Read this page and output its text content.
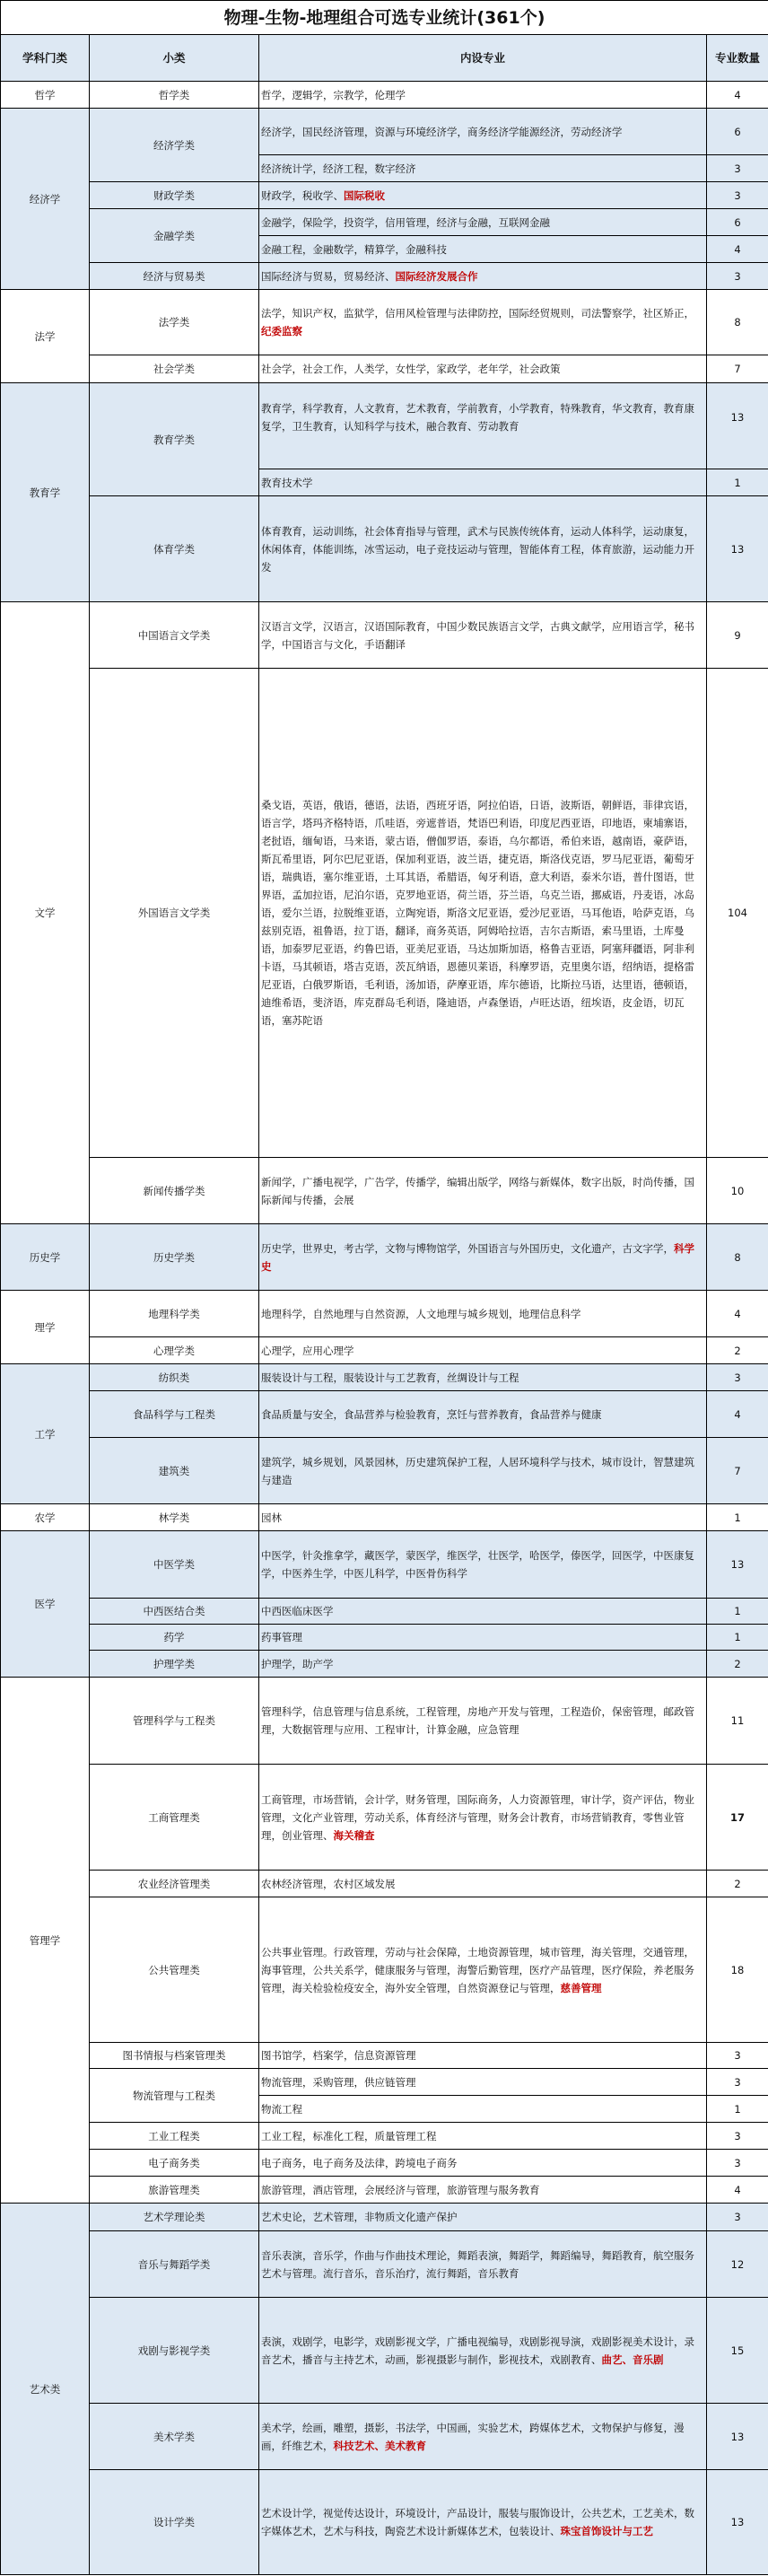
物理-生物-地理组合可选专业统计(361个)			
学科门类	小类	内设专业	专业数量
哲学	哲学类	哲学，逻辑学，宗教学，伦理学	4
经济学	经济学类	经济学，国民经济管理，资源与环境经济学，商务经济学能源经济，劳动经济学	6
		经济统计学，经济工程，数字经济	3
	财政学类	财政学，税收学、国际税收	3
	金融学类	金融学，保险学，投资学，信用管理，经济与金融，互联网金融	6
		金融工程，金融数学，精算学，金融科技	4
	经济与贸易类	国际经济与贸易，贸易经济、国际经济发展合作	3
法学	法学类	法学，知识产权，监狱学，信用风检管理与法律防控，国际经贸规则，司法警察学，社区矫正，纪委监察	8
	社会学类	社会学，社会工作，人类学，女性学，家政学，老年学，社会政策	7
教育学	教育学类	教育学，科学教育，人文教育，艺术教育，学前教育，小学教育，特殊教育，华文教育，教育康复学，卫生教育，认知科学与技术，融合教育、劳动教育	13
		教育技术学	1
	体育学类	体育教育，运动训练，社会体育指导与管理，武术与民族传统体育，运动人体科学，运动康复，休闲体育，体能训练，冰雪运动，电子竞技运动与管理，智能体育工程，体育旅游，运动能力开发	13
文学	中国语言文学类	汉语言文学，汉语言，汉语国际教育，中国少数民族语言文学，古典文献学，应用语言学，秘书学，中国语言与文化，手语翻译	9
	外国语言文学类	桑戈语，英语，俄语，德语，法语，西班牙语，阿拉伯语，日语，波斯语，朝鲜语，菲律宾语，语言学，塔玛齐格特语，爪哇语，旁遮普语，梵语巴利语，印度尼西亚语，印地语，柬埔寨语，老挝语，缅甸语，马来语，蒙古语，僧伽罗语，泰语，乌尔都语，希伯来语，越南语，豪萨语，斯瓦希里语，阿尔巴尼亚语，保加利亚语，波兰语，捷克语，斯洛伐克语，罗马尼亚语，葡萄牙语，瑞典语，塞尔维亚语，土耳其语，希腊语，匈牙利语，意大利语，泰米尔语，普什图语，世界语，孟加拉语，尼泊尔语，克罗地亚语，荷兰语，芬兰语，乌克兰语，挪威语，丹麦语，冰岛语，爱尔兰语，拉脱维亚语，立陶宛语，斯洛文尼亚语，爱沙尼亚语，马耳他语，哈萨克语，乌兹别克语，祖鲁语，拉丁语，翻译，商务英语，阿姆哈拉语，吉尔吉斯语，索马里语，土库曼语，加泰罗尼亚语，约鲁巴语，亚美尼亚语，马达加斯加语，格鲁吉亚语，阿塞拜疆语，阿非利卡语，马其顿语，塔吉克语，茨瓦纳语，恩德贝莱语，科摩罗语，克里奥尔语，绍纳语，提格雷尼亚语，白俄罗斯语，毛利语，汤加语，萨摩亚语，库尔德语，比斯拉马语，达里语，德顿语，迪维希语，斐济语，库克群岛毛利语，隆迪语，卢森堡语，卢旺达语，纽埃语，皮金语，切瓦语，塞苏陀语	104
	新闻传播学类	新闻学，广播电视学，广告学，传播学，编辑出版学，网络与新媒体，数字出版，时尚传播，国际新闻与传播，会展	10
历史学	历史学类	历史学，世界史，考古学，文物与博物馆学，外国语言与外国历史，文化遗产，古文字学，科学史	8
理学	地理科学类	地理科学，自然地理与自然资源，人文地理与城乡规划，地理信息科学	4
	心理学类	心理学，应用心理学	2
工学	纺织类	服装设计与工程，服装设计与工艺教育，丝绸设计与工程	3
	食品科学与工程类	食品质量与安全，食品营养与检验教育，烹饪与营养教育，食品营养与健康	4
	建筑类	建筑学，城乡规划，风景园林，历史建筑保护工程，人居环境科学与技术，城市设计，智慧建筑与建造	7
农学	林学类	园林	1
医学	中医学类	中医学，针灸推拿学，藏医学，蒙医学，维医学，壮医学，哈医学，傣医学，回医学，中医康复学，中医养生学，中医儿科学，中医骨伤科学	13
	中西医结合类	中西医临床医学	1
	药学	药事管理	1
	护理学类	护理学，助产学	2
管理学	管理科学与工程类	管理科学，信息管理与信息系统，工程管理，房地产开发与管理，工程造价，保密管理，邮政管理，大数据管理与应用、工程审计，计算金融，应急管理	11
	工商管理类	工商管理，市场营销，会计学，财务管理，国际商务，人力资源管理，审计学，资产评估，物业管理，文化产业管理，劳动关系，体育经济与管理，财务会计教育，市场营销教育，零售业管理，创业管理、海关稽查	17
	农业经济管理类	农林经济管理，农村区域发展	2
	公共管理类	公共事业管理。行政管理，劳动与社会保障，土地资源管理，城市管理，海关管理，交通管理，海事管理，公共关系学，健康服务与管理，海警后勤管理，医疗产品管理，医疗保险，养老服务管理，海关检验检疫安全，海外安全管理，自然资源登记与管理，慈善管理	18
	图书情报与档案管理类	图书馆学，档案学，信息资源管理	3
	物流管理与工程类	物流管理，采购管理，供应链管理	3
		物流工程	1
	工业工程类	工业工程，标准化工程，质量管理工程	3
	电子商务类	电子商务，电子商务及法律，跨境电子商务	3
	旅游管理类	旅游管理，酒店管理，会展经济与管理，旅游管理与服务教育	4
艺术类	艺术学理论类	艺术史论，艺术管理，非物质文化遗产保护	3
	音乐与舞蹈学类	音乐表演，音乐学，作曲与作曲技术理论，舞蹈表演，舞蹈学，舞蹈编导，舞蹈教育，航空服务艺术与管理。流行音乐，音乐治疗，流行舞蹈，音乐教育	12
	戏剧与影视学类	表演，戏剧学，电影学，戏剧影视文学，广播电视编导，戏剧影视导演，戏剧影视美术设计，录音艺术，播音与主持艺术，动画，影视摄影与制作，影视技术，戏剧教育、曲艺、音乐剧	15
	美术学类	美术学，绘画，雕塑，摄影，书法学，中国画，实验艺术，跨媒体艺术，文物保护与修复，漫画，纤维艺术，科技艺术、美术教育	13
	设计学类	艺术设计学，视觉传达设计，环境设计，产品设计，服装与服饰设计，公共艺术，工艺美术，数字媒体艺术，艺术与科技，陶瓷艺术设计新媒体艺术，包装设计、珠宝首饰设计与工艺	13
